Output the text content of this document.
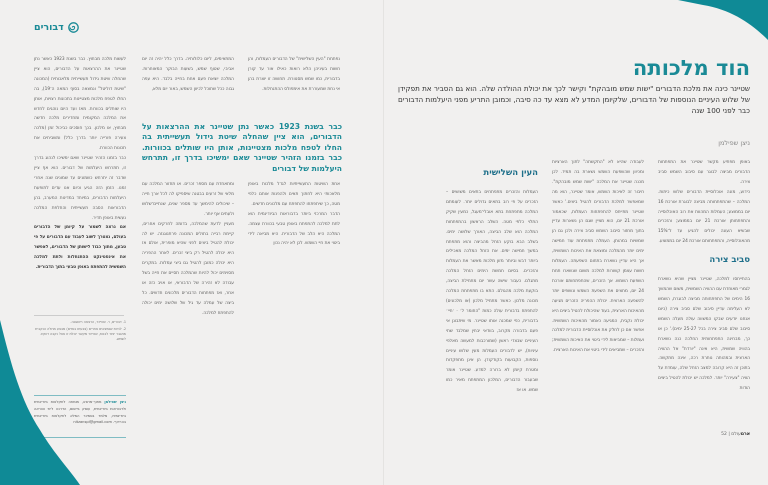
דבורים

לעשות מלכה מבחוץ. כבר בשנת 1923 כאשר נתן שטיינר את ההרצאות על הדבורים, הוא ציין שהחלה שיטת גידול תעשייתית מלאכותית (המכונה "שיטת דוליטל" ונמצאה בסוף המאה ה־19), בה החלו לטפח מלכות מצטיינות בתכונות רצויות, אותן היו שותלים בכוורות. מאז ועד היום נוהגים לחדש את המלכה המקומית ומחדירים מלכה חדשה מבחוץ, או מלכון. בכך חוסכים כביכול זמן (מלכה צעירה פורייה יותר בדרך כלל) ומשביחים את תכונות הכוורת.

כבר בזמנו הזהיר שטיינר שאם ימשיכו לנהוג בדרך זו, תתרחש היעלמות של דבורים. הוא אף ציין שדבר זה יתרחש כשמונים עד שמונים שנה אחרי זמנו. הזמן הזה הגיע וכיום אנו עדים לתופעת היעלמות הדבורים, במיוחד במדינות המערב, בהן הדבוראות הסבה תעשייתית והחלפת המלכה נעשית באופן תדיר.

אם נרצה לשמור על קיומן של הדבורים בעולם, נצטרך לשוב לעבוד עם הדבורים על פי טבען, מתוך כבוד לישותן של הדבורים, לאפשר את אינסטינקט ההתנחלות ולתת למלכה השמשית להתפתח באופן טבעי בתוך הדבורית.

המתאימים, ליום כלולותיה. בדרך כלל יהיה זה יום אביבי, שטוף שמש, בשעות הבוקר המאוחרות. המלכה יוצאת פעם אחת בחייה בלבד. היא עפה גבוה ככל שתוכל לכיוון השמש, באור יום מלא,

נפתחת "העין השלישית" של הדבורים העמלות, והן חשות בעיניהן הלא רואות כאילו אור עד קורן בדבורית, כמו שמש מסנוורת. תחושה זו יוצרת בהן אי נחת שמעוררת את אימפולס ההתנחלות.

כבר בשנת 1923 כאשר נתן שטיינר את ההרצאות על הדבורים, הוא ציין שהחלה שיטת גידול תעשייתית בה החלו לטפח מלכות מצטיינות, אותן היו שותלים בכוורות. כבר בזמנו הזהיר שטיינר שאם ימשיכו בדרך זו, תתרחש היעלמות של דבורים

ומתאחדת עם מספר זכרים. או תחזור המלכה עם מלאי של זרעים בבטנה שיספיקו לה לכל ארך חייה – שיכולים להימשך עד מספר שנים, שנתיים־שלוש ולעתים אף יותר.

מעניין לדעת שהמלכה, בדומה לחרקים אחרים, קיימת רבייה בתולים המכונה פרתנוגנזה. יש לה יכולת להטיל ביצים לפני שהיא מופרית, אולם אז היא יכולה להטיל רק ביצי זכרים. לאחר ההפריה היא יכולה כמובן להטיל גם ביצי עמלות. במקרים מסוימים יכול להיות שהמלכה תסיים את חייה בשל עבודה לא זהירה של הדבוראי, או אויב כזה או אחר, ואז מפתחות הדבורים מלכונים חדשים. כל ביצה של עמלה עד גיל של שלושה ימים יכולה להתפתח למלכה.

אחת השיטות התעשייתיות לגדל מלכות באופן מלאכותי היא לחתוך תאים ולהפנות אותם כלפי מטה, כך שיתפתחו להתפתח עם מלכונים חדשים.

הדבר המרכזי ביותר בדבוראות הביודינמית הוא לתת למלכה להתפתח באופן טבעי בכוורת עצמה. המלכה היא הלב של הדבורית. היא מביאה לידי ביטוי את חיי השמש. לכן לא יהיה נכון

1. דבורים, ר. שטיינר, הרצאה ראשונה.
2. להיות שנמצאים אחרים (צבעים באזים) מבצע מחלה הנקבית מתגבר יותר לבנות, שטיינר מקשר יכולת זו אצל נקבה דווקא לשמש.
ניצן שפילמן מתוך־מרסא, מומחה לחקלאות ביודינמית ולדבוראות ביודינמית, עוסק ביישום, הדרכה ליווי והוראה ביודינמית, מלמד בסמינר המלא לחקלאות ביודינמית בהרדוף. nitzanspl@gmail.com
הוד מלכותה
שטיינר כינה את מלכת הדבורים "ישות שמש מובהקת" וקישר לכך את יכולת ההולדה שלה. הוא גם הסביר את תפקידן של שלוש העיניים הנוספות של הדבורים, שלקיומן המדע לא מצא עד כה סיבה, וכמובן התריע מפני היעלמות הדבורים כבר לפני 100 שנה
ניצן שפילמן

באופן מפתיע מקשר שטיינר את התפתחות הדבורים מביצה לבוגר עם סיבוב השמש סביב צירה.

כידוע, מונה אוכלוסיית הדבורים שלוש כיתות. המלכה – שהתפתחותה מביצה לבוגרת אורכת 16 יום בממוצע; העמלות המהוות את רוב האוכלוסייה והתפתחותן אורכת 21 יום בממוצע; והזכרים שבשיא העונה יכולים להגיע עד ל־15% מהאוכלוסייה, והתפתחותם אורכת 24 יום בממוצע.

סביב צירה

בהתייחסו למלכה, שטיינר מציין שהיא נשארת לגמרי מאוחדת עם ההוויה השמשית, משום שהמשך 16 הימים של התפתחותה מביצה לבוגרת, השמש לא העלימה עדיין סיבוב שלם סביב צירה (כיום אנחנו יודעים שבקו המשווה עולה מעלה השמש סיבוב שלם סביב צירה בכל 25-27 ימים).' כן או כך, מבחינה התפתחותית החלכה כנה נשארת בהוויה שמשית, היא אינה "יורדת" אל ההוויה הארצית ובמהותה נותרת רכה, אינה מתקשה. בתוכן זה היא קרובה למצב הזחל שלה, עומדת על הוויה "צעירה" יותר. למלכה יש יכולת להטיל ביצים הודות

לעבודה שהיא לא "התקשתה" לתוך הארציות ומכיוון שהשפעת השמש נשארת בה תמיד. לכן מכנה שטיינר את המלכה "ישות שמש מובהקת". חיבור זה לאיכות השמש, אומר שטיינר, הוא מה שמאפשר למלכת הדבורים להטיל ביצים.' כאשר שטיינר מתייחס להתפתחות העמלות, שכאמור אורכת 21 יום, הוא מציין שגם הן נשארות עדיין בתוך מחזור סיבוב השמש סביב צירה ולכן גם הן שמשיות במהותן. העמלה מתפתחת עוד חמישה ימים יותר מהמלכה ומוצאת את האיכות השמשית, אך היא עדיין נשארת בתחום השפעתה. העמלות חשות עצמן קשורות למלכה משום שנשארו תחת השפעת השמש. אך הזכרים, שהתפתחותם אורכת 24 יום, מחצים את השפעת השמש ונשופים יותר להשפעה הארצית. יכולת ההפריה הזכרים מגיעה מהאיכות הארצית, בעוד שהיכולת להטיל ביצים היא יכולת נקבית, המגיעה כאמור מהאיכות השמשית. אפשר אם כן לחלק את אוכלוסיית הדבורית למלכה ועמלות – שמביאות לידי ביטוי את האיכות השמשית; והזכרים – שמביאים לידי ביטוי את האיכות הארצית.

העין השלישית

העמלות והזכרים מתפתחים בתאים משושים – הזכרים על פי רוב בתאים גדולים יותר. לעומתם המלכה מתפתחת בתא אובלי־מעגל, כמעין שקיק התלוי כלפי מטה. השלב הראשון בהתפתחות המלכה הוא שלב הביצה, האורך שלושה ימים. בשלב הבא בוקע הזחל מהביצה והוא מתפתח במשך חמישה ימים. את הזחל המלכה מאכילים ביותר דבש וביותר מזון מלכות מאשר את העמלות והזכרים. בסיום חמשת הימים הזחל המלכה מתגלם. כעבור שישה עשר יום מתחילת הביצה, בוקעת מלכה מהגולם. התא בו מתפתחת המלכה מכונה מלכון. כאשר מתחיל מלכון (או מלכונים) להתפתח בדבורית עולה כמות "החומר ל׳ · ׳חיי׳ בדבורית, כפי שמכנה אותו שטיינר. מי שיתבונן אי פעם בדבורה מקרוב, בוודאי יבחין שמלבד שתי העיניים שבצדי ראשן (שמורכבות למעשה מאלפי עיניות), יש לדבורים העמלות מעין שלוש עיניים נוספות, הקבועות בקודקודן. הן אינן מתפקדות ומטרת קיומן לא ברורה למדע. שטיינר אומר שבעבור הדבורים, המלכון המתפתח מאיר כמו שמש. או אז

ארםעולם | 52
